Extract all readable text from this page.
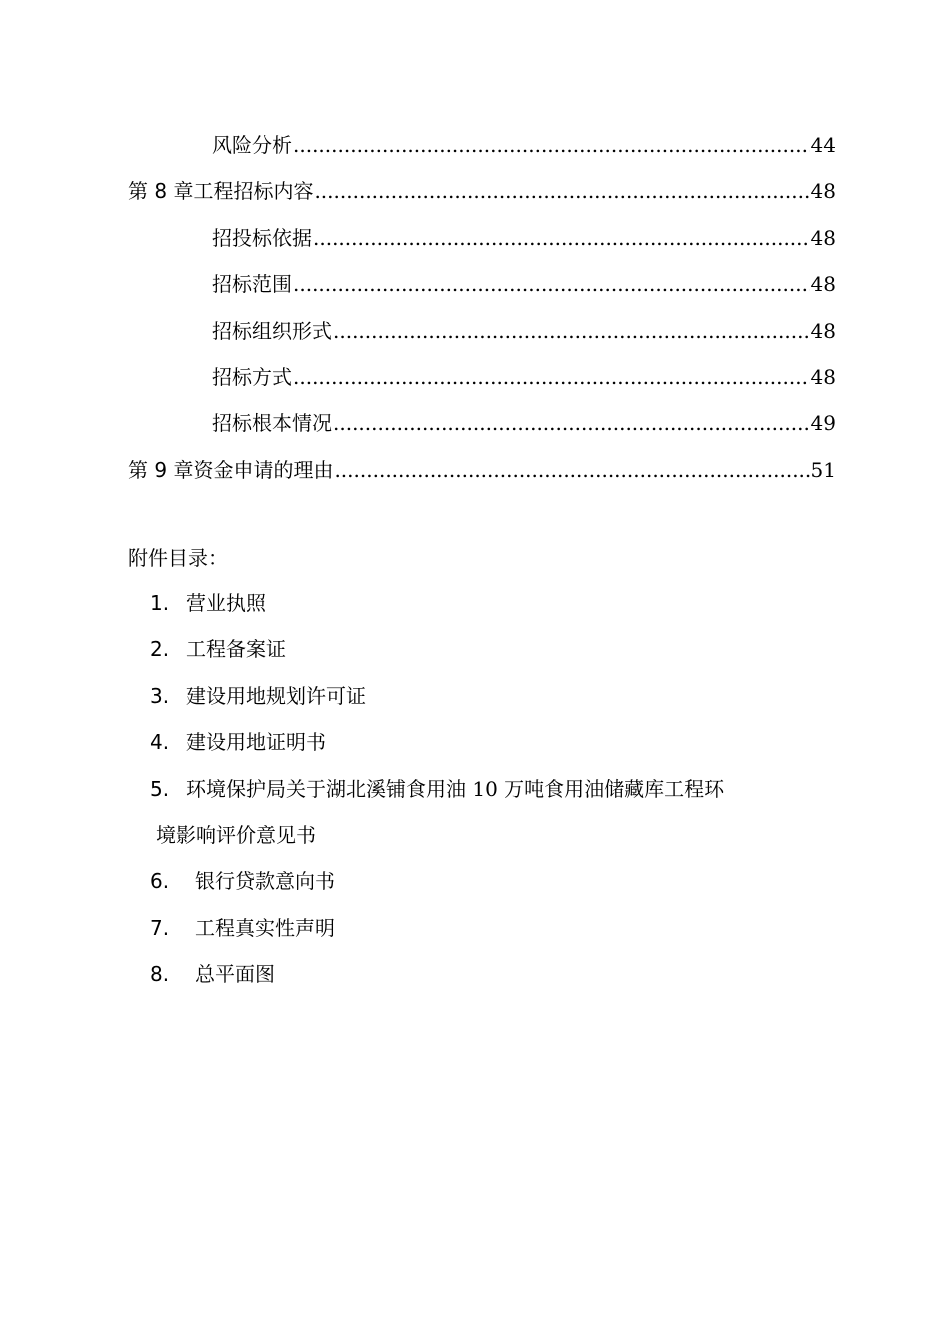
风险分析 .....	44
第 8 章 工程招标内容 .....	48
招投标依据 .....	48
招标范围 .....	48
招标组织形式 .....	48
招标方式 .....	48
招标根本情况 .....	49
第 9 章 资金申请的理由 .....	51
附件目录：
1. 营业执照
2. 工程备案证
3. 建设用地规划许可证
4. 建设用地证明书
5. 环境保护局关于湖北溪铺食用油 10 万吨食用油储藏库工程环
境影响评价意见书
6. 银行贷款意向书
7. 工程真实性声明
8. 总平面图
